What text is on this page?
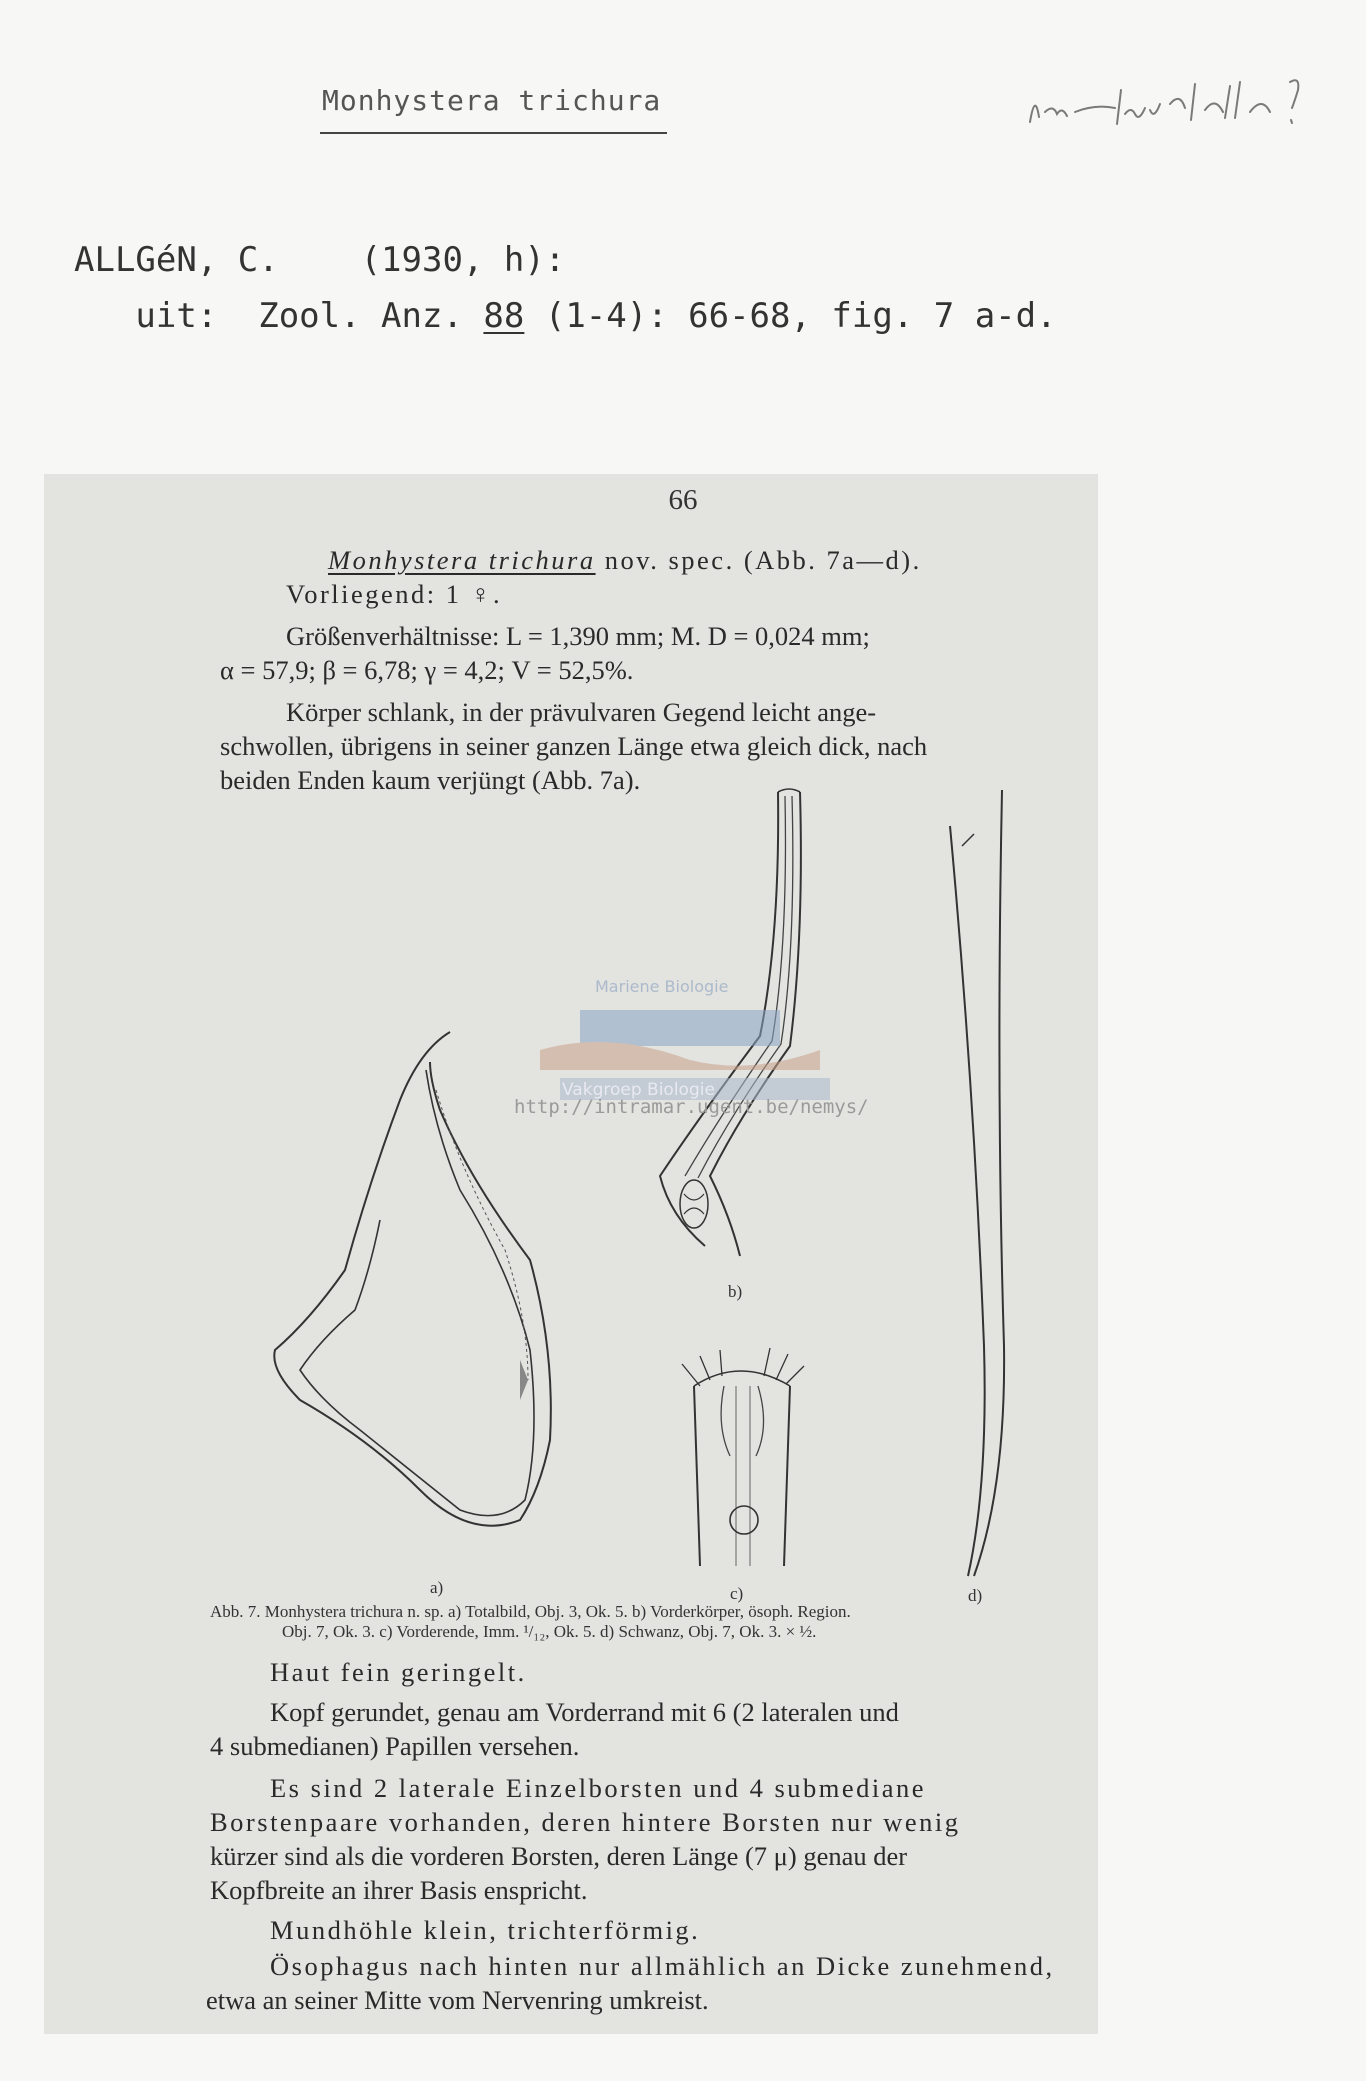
Monhystera trichura
ALLGéN, C.    (1930, h):
uit:  Zool. Anz. 88 (1-4): 66-68, fig. 7 a-d.
66
Monhystera trichura nov. spec. (Abb. 7a—d).
Vorliegend: 1 ♀.
Größenverhältnisse: L = 1,390 mm; M. D = 0,024 mm;
α = 57,9; β = 6,78; γ = 4,2; V = 52,5%.
Körper schlank, in der prävulvaren Gegend leicht ange-
schwollen, übrigens in seiner ganzen Länge etwa gleich dick, nach
beiden Enden kaum verjüngt (Abb. 7a).
b)
a)	c)	d)
Abb. 7. Monhystera trichura n. sp. a) Totalbild, Obj. 3, Ok. 5. b) Vorderkörper, ösoph. Region.
Obj. 7, Ok. 3. c) Vorderende, Imm. ¹/₁₂, Ok. 5. d) Schwanz, Obj. 7, Ok. 3. × ½.
Mariene Biologie
Vakgroep Biologie
http://intramar.ugent.be/nemys/
Haut fein geringelt.
Kopf gerundet, genau am Vorderrand mit 6 (2 lateralen und
4 submedianen) Papillen versehen.
Es sind 2 laterale Einzelborsten und 4 submediane
Borstenpaare vorhanden, deren hintere Borsten nur wenig
kürzer sind als die vorderen Borsten, deren Länge (7 μ) genau der
Kopfbreite an ihrer Basis enspricht.
Mundhöhle klein, trichterförmig.
Ösophagus nach hinten nur allmählich an Dicke zunehmend,
etwa an seiner Mitte vom Nervenring umkreist.
